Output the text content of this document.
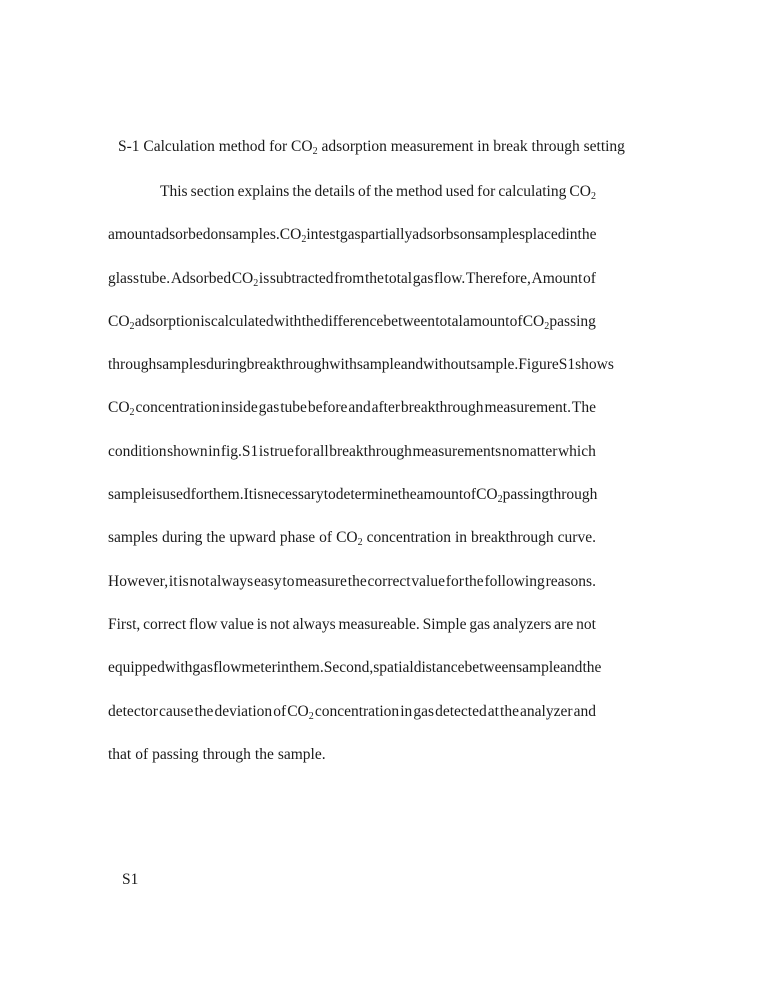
S-1 Calculation method for $CO_2$ adsorption measurement in break through setting
This section explains the details of the method used for calculating $CO_2$
amount adsorbed on samples. $CO_2$ in test gas partially adsorbs on samples placed in the
glass tube. Adsorbed $CO_2$ is subtracted from the total gas flow. Therefore, Amount of
$CO_2$ adsorption is calculated with the difference between total amount of $CO_2$ passing
through samples during breakthrough with sample and without sample. Figure S1 shows
$CO_2$ concentration inside gas tube before and after breakthrough measurement. The
condition shown in fig.S1 is true for all breakthrough measurements no matter which
sample is used for them. It is necessary to determine the amount of $CO_2$ passing through
samples during the upward phase of $CO_2$ concentration in breakthrough curve.
However, it is not always easy to measure the correct value for the following reasons.
First, correct flow value is not always measureable. Simple gas analyzers are not
equipped with gas flow meter in them. Second, spatial distance between sample and the
detector cause the deviation of $CO_2$ concentration in gas detected at the analyzer and
that of passing through the sample.
S1
